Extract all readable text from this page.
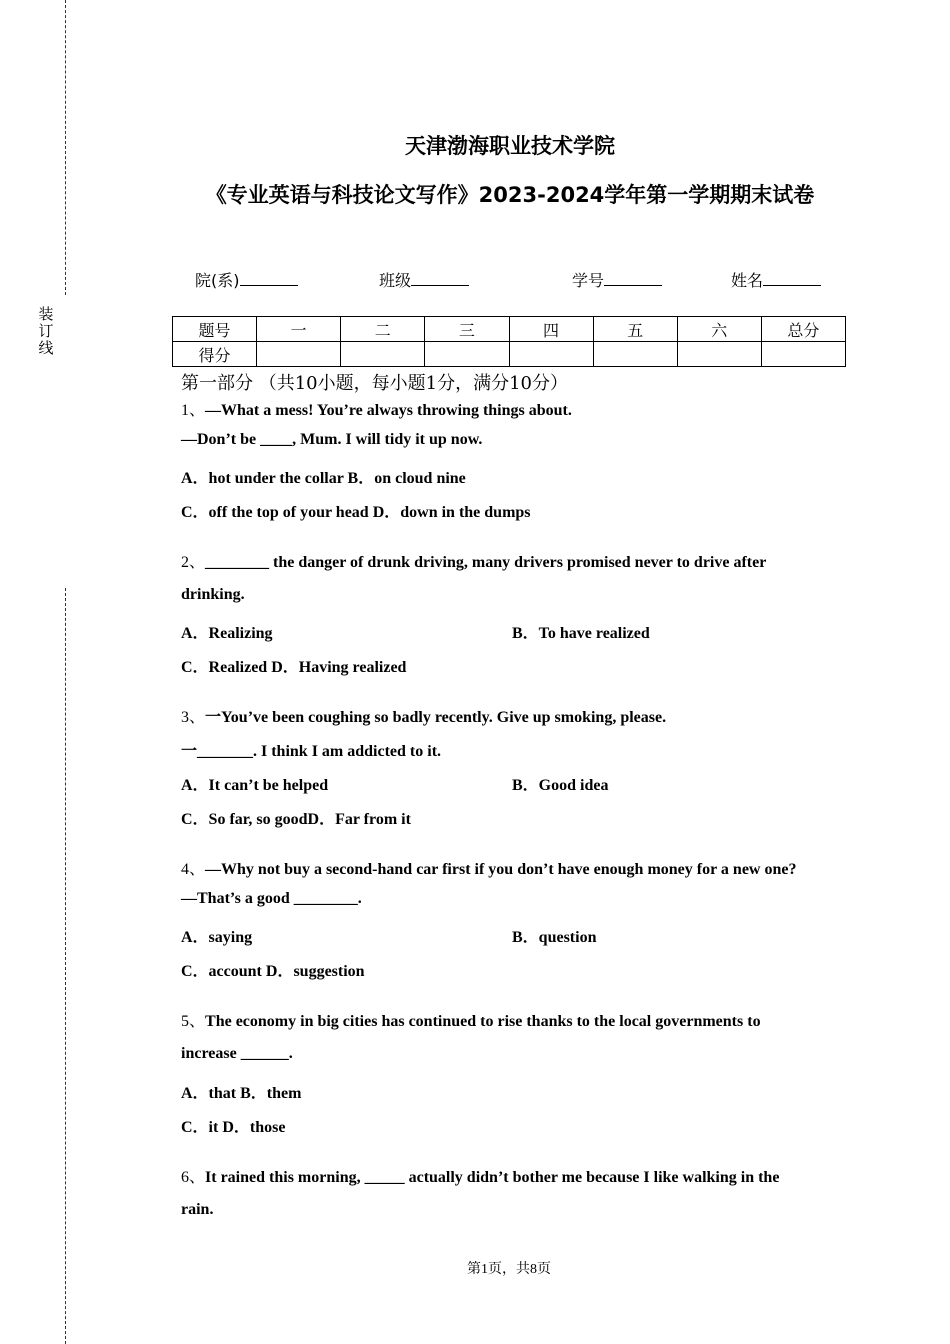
装
订
线
天津渤海职业技术学院
《专业英语与科技论文写作》2023-2024学年第一学期期末试卷
院(系)	班级	学号	姓名
题号	一	二	三	四	五	六	总分
得分							
第一部分 （共10小题，每小题1分，满分10分）
1、—What a mess! You’re always throwing things about.
—Don’t be ____, Mum. I will tidy it up now.
A．hot under the collar B．on cloud nine
C．off the top of your head D．down in the dumps
2、________ the danger of drunk driving, many drivers promised never to drive after
drinking.
A．Realizing	B．To have realized
C．Realized D．Having realized
3、一You’ve been coughing so badly recently. Give up smoking, please.
一_______. I think I am addicted to it.
A．It can’t be helped	B．Good idea
C．So far, so goodD．Far from it
4、—Why not buy a second-hand car first if you don’t have enough money for a new one?
—That’s a good ________.
A．saying	B．question
C．account D．suggestion
5、The economy in big cities has continued to rise thanks to the local governments to
increase ______.
A．that B．them
C．it D．those
6、It rained this morning, _____ actually didn’t bother me because I like walking in the
rain.
第1页，共8页
